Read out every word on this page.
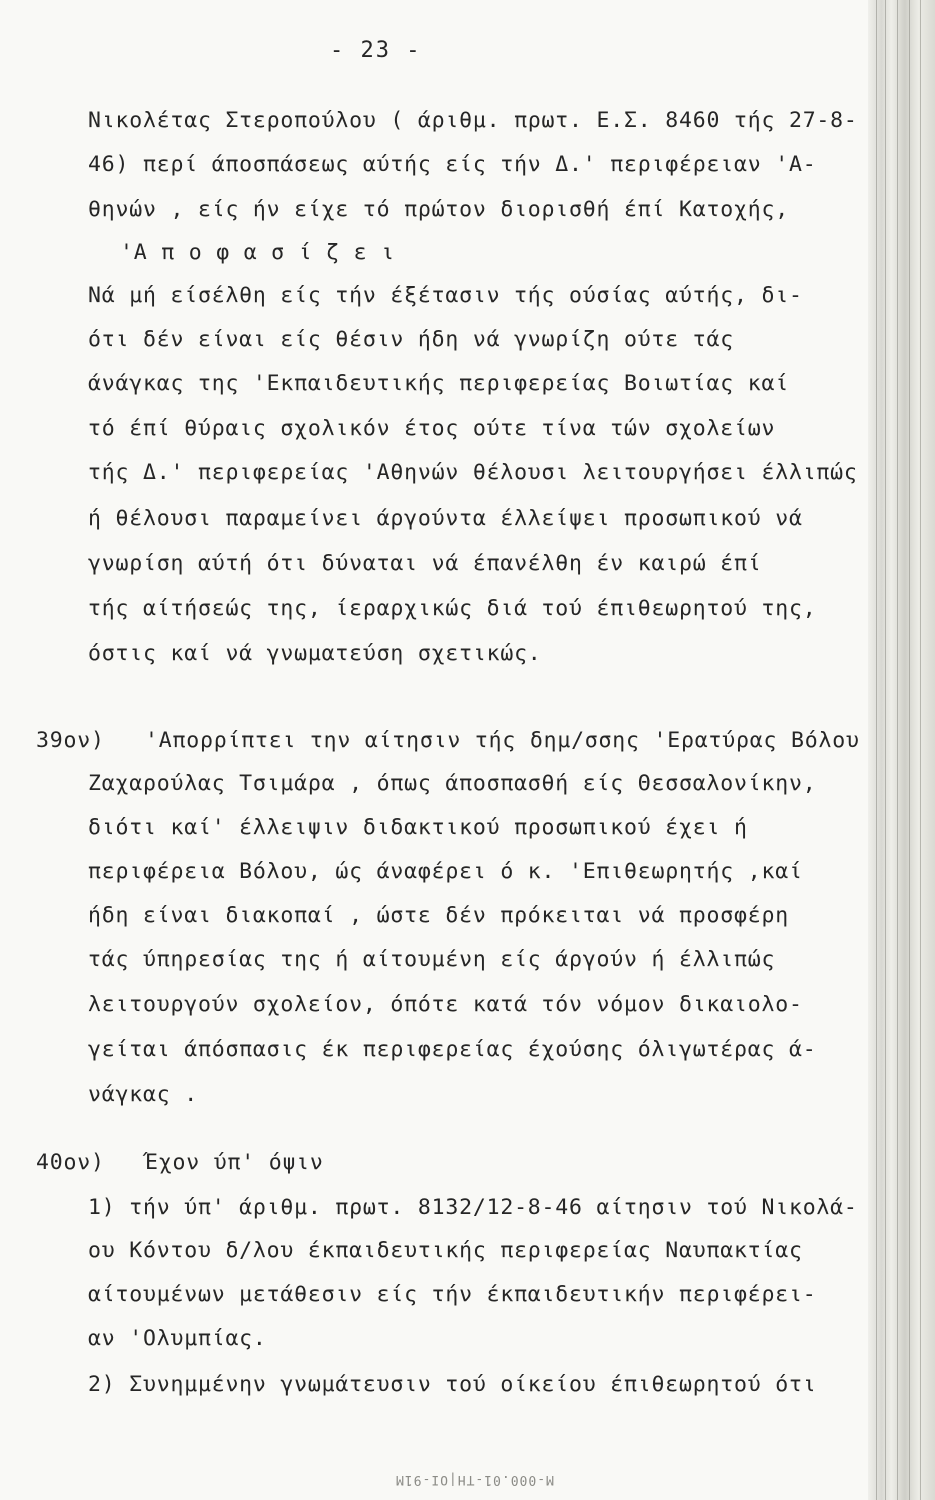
- 23 -
Νικολέτας Στεροπούλου ( άριθμ. πρωτ. Ε.Σ. 8460 τής 27-8-
46) περί άποσπάσεως αύτής είς τήν Δ.' περιφέρειαν 'Α-
θηνών , είς ήν είχε τό πρώτον διορισθή έπί Κατοχής,
'Α π ο φ α σ ί ζ ε ι
Νά μή είσέλθη είς τήν έξέτασιν τής ούσίας αύτής, δι-
ότι δέν είναι είς θέσιν ήδη νά γνωρίζη ούτε τάς
άνάγκας της 'Εκπαιδευτικής περιφερείας Βοιωτίας καί
τό έπί θύραις σχολικόν έτος ούτε τίνα τών σχολείων
τής Δ.' περιφερείας 'Αθηνών θέλουσι λειτουργήσει έλλιπώς
ή θέλουσι παραμείνει άργούντα έλλείψει προσωπικού νά
γνωρίση αύτή ότι δύναται νά έπανέλθη έν καιρώ έπί
τής αίτήσεώς της, ίεραρχικώς διά τού έπιθεωρητού της,
όστις καί νά γνωματεύση σχετικώς.
39ον) 'Απορρίπτει την αίτησιν τής δημ/σσης 'Ερατύρας Βόλου
Ζαχαρούλας Τσιμάρα , όπως άποσπασθή είς Θεσσαλονίκην,
διότι καί' έλλειψιν διδακτικού προσωπικού έχει ή
περιφέρεια Βόλου, ώς άναφέρει ό κ. 'Επιθεωρητής ,καί
ήδη είναι διακοπαί , ώστε δέν πρόκειται νά προσφέρη
τάς ύπηρεσίας της ή αίτουμένη είς άργούν ή έλλιπώς
λειτουργούν σχολείον, όπότε κατά τόν νόμον δικαιολο-
γείται άπόσπασις έκ περιφερείας έχούσης όλιγωτέρας ά-
νάγκας .
40ον) Έχον ύπ' όψιν
1) τήν ύπ' άριθμ. πρωτ. 8132/12-8-46 αίτησιν τού Νικολά-
ου Κόντου δ/λου έκπαιδευτικής περιφερείας Ναυπακτίας
αίτουμένων μετάθεσιν είς τήν έκπαιδευτικήν περιφέρει-
αν 'Ολυμπίας.
2) Συνημμένην γνωμάτευσιν τού οίκείου έπιθεωρητού ότι
Μ-000.01-ΤΗ|ΟΙ-91Μ
